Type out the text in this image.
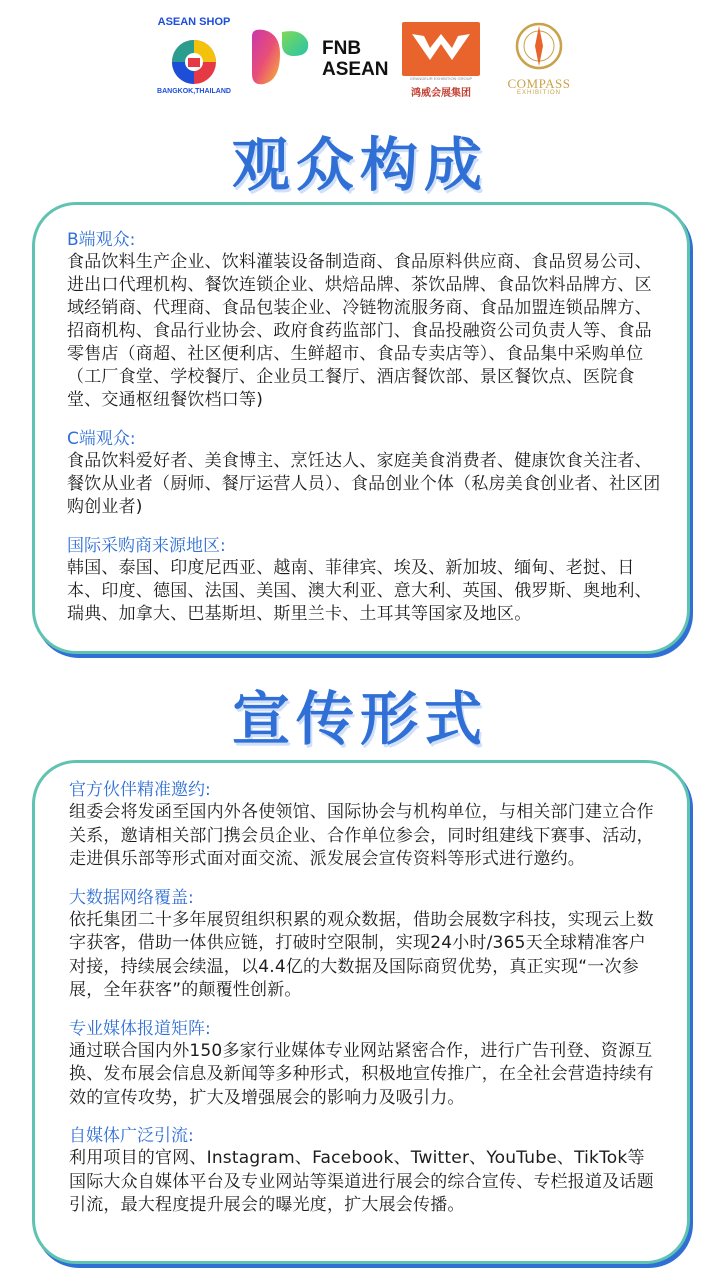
ASEAN SHOP
BANGKOK,THAILAND
FNB
ASEAN	GRANDEUR EXHIBITION GROUP
鸿威会展集团
COMPASS
EXHIBITION
观众构成
B端观众:
食品饮料生产企业、饮料灌装设备制造商、食品原料供应商、食品贸易公司、进出口代理机构、餐饮连锁企业、烘焙品牌、茶饮品牌、食品饮料品牌方、区域经销商、代理商、食品包装企业、冷链物流服务商、食品加盟连锁品牌方、招商机构、食品行业协会、政府食药监部门、食品投融资公司负责人等、食品零售店（商超、社区便利店、生鲜超市、食品专卖店等）、食品集中采购单位（工厂食堂、学校餐厅、企业员工餐厅、酒店餐饮部、景区餐饮点、医院食堂、交通枢纽餐饮档口等)
C端观众:
食品饮料爱好者、美食博主、烹饪达人、家庭美食消费者、健康饮食关注者、餐饮从业者（厨师、餐厅运营人员）、食品创业个体（私房美食创业者、社区团购创业者)
国际采购商来源地区:
韩国、泰国、印度尼西亚、越南、菲律宾、埃及、新加坡、缅甸、老挝、日本、印度、德国、法国、美国、澳大利亚、意大利、英国、俄罗斯、奥地利、瑞典、加拿大、巴基斯坦、斯里兰卡、土耳其等国家及地区。
宣传形式
官方伙伴精准邀约:
组委会将发函至国内外各使领馆、国际协会与机构单位，与相关部门建立合作关系，邀请相关部门携会员企业、合作单位参会，同时组建线下赛事、活动，走进俱乐部等形式面对面交流、派发展会宣传资料等形式进行邀约。
大数据网络覆盖:
依托集团二十多年展贸组织积累的观众数据，借助会展数字科技，实现云上数字获客，借助一体供应链，打破时空限制，实现24小时/365天全球精准客户对接，持续展会续温，以4.4亿的大数据及国际商贸优势，真正实现“一次参展，全年获客”的颠覆性创新。
专业媒体报道矩阵:
通过联合国内外150多家行业媒体专业网站紧密合作，进行广告刊登、资源互换、发布展会信息及新闻等多种形式，积极地宣传推广，在全社会营造持续有效的宣传攻势，扩大及增强展会的影响力及吸引力。
自媒体广泛引流:
利用项目的官网、Instagram、Facebook、Twitter、YouTube、TikTok等国际大众自媒体平台及专业网站等渠道进行展会的综合宣传、专栏报道及话题引流，最大程度提升展会的曝光度，扩大展会传播。
